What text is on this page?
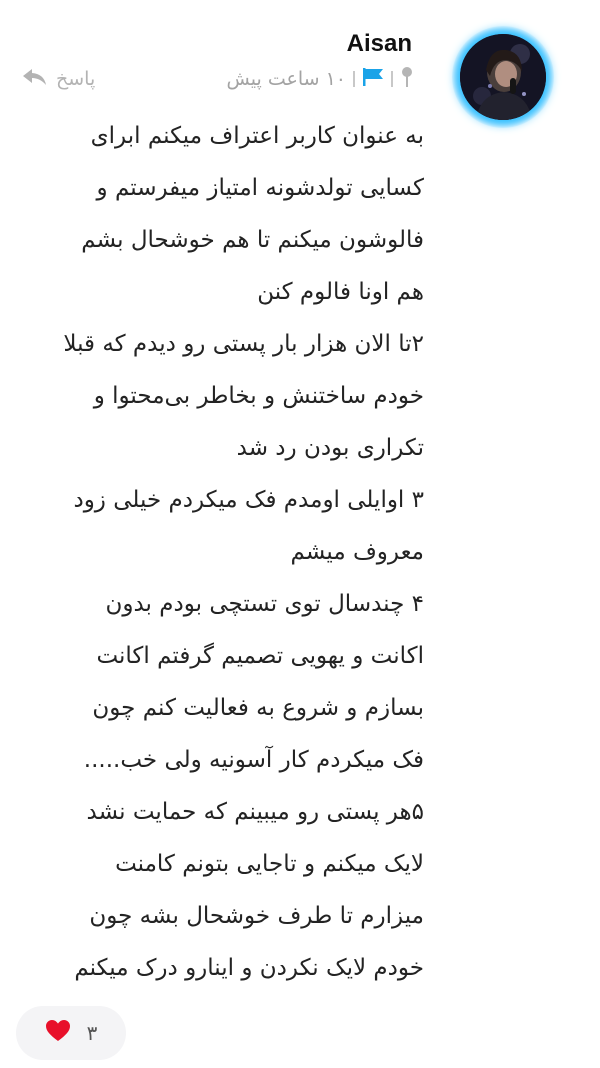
Aisan
۱۰ ساعت پیش
پاسخ
به عنوان کاربر اعتراف میکنم ابرای
کسایی تولدشونه امتیاز میفرستم و
فالوشون میکنم تا هم خوشحال بشم
هم اونا فالوم کنن
۲تا الان هزار بار پستی رو دیدم که قبلا
خودم ساختنش و بخاطر بی‌محتوا و
تکراری بودن رد شد
۳ اوایلی اومدم فک میکردم خیلی زود
معروف میشم
۴ چندسال توی تستچی بودم بدون
اکانت و یهویی تصمیم گرفتم اکانت
بسازم و شروع به فعالیت کنم چون
فک میکردم کار آسونیه ولی خب.....
۵هر پستی رو میبینم که حمایت نشد
لایک میکنم و تاجایی بتونم کامنت
میزارم تا طرف خوشحال بشه چون
خودم لایک نکردن و اینارو درک میکنم
۳
